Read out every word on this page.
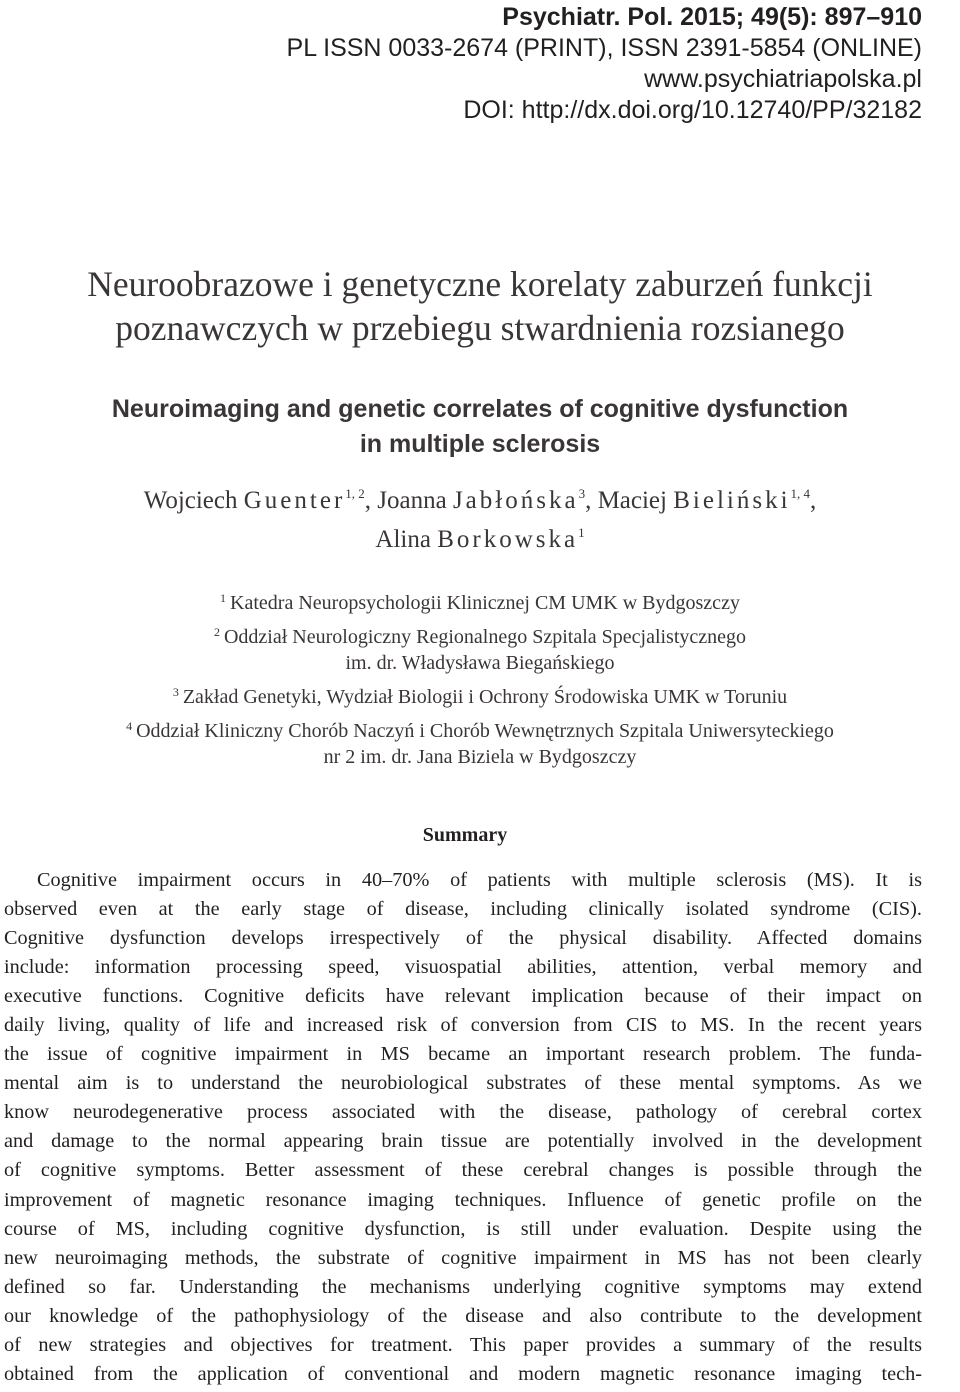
Psychiatr. Pol. 2015; 49(5): 897–910
PL ISSN 0033-2674 (PRINT), ISSN 2391-5854 (ONLINE)
www.psychiatriapolska.pl
DOI: http://dx.doi.org/10.12740/PP/32182
Neuroobrazowe i genetyczne korelaty zaburzeń funkcji
poznawczych w przebiegu stwardnienia rozsianego
Neuroimaging and genetic correlates of cognitive dysfunction
in multiple sclerosis
Wojciech Guenter$^{1, 2}$, Joanna Jabłońska$^3$, Maciej Bieliński$^{1, 4}$,
Alina Borkowska$^1$
$^1$ Katedra Neuropsychologii Klinicznej CM UMK w Bydgoszczy
$^2$ Oddział Neurologiczny Regionalnego Szpitala Specjalistycznego
im. dr. Władysława Biegańskiego
$^3$ Zakład Genetyki, Wydział Biologii i Ochrony Środowiska UMK w Toruniu
$^4$ Oddział Kliniczny Chorób Naczyń i Chorób Wewnętrznych Szpitala Uniwersyteckiego
nr 2 im. dr. Jana Biziela w Bydgoszczy
Summary
Cognitive impairment occurs in 40–70% of patients with multiple sclerosis (MS). It is
observed even at the early stage of disease, including clinically isolated syndrome (CIS).
Cognitive dysfunction develops irrespectively of the physical disability. Affected domains
include: information processing speed, visuospatial abilities, attention, verbal memory and
executive functions. Cognitive deficits have relevant implication because of their impact on
daily living, quality of life and increased risk of conversion from CIS to MS. In the recent years
the issue of cognitive impairment in MS became an important research problem. The funda-
mental aim is to understand the neurobiological substrates of these mental symptoms. As we
know neurodegenerative process associated with the disease, pathology of cerebral cortex
and damage to the normal appearing brain tissue are potentially involved in the development
of cognitive symptoms. Better assessment of these cerebral changes is possible through the
improvement of magnetic resonance imaging techniques. Influence of genetic profile on the
course of MS, including cognitive dysfunction, is still under evaluation. Despite using the
new neuroimaging methods, the substrate of cognitive impairment in MS has not been clearly
defined so far. Understanding the mechanisms underlying cognitive symptoms may extend
our knowledge of the pathophysiology of the disease and also contribute to the development
of new strategies and objectives for treatment. This paper provides a summary of the results
obtained from the application of conventional and modern magnetic resonance imaging tech-
